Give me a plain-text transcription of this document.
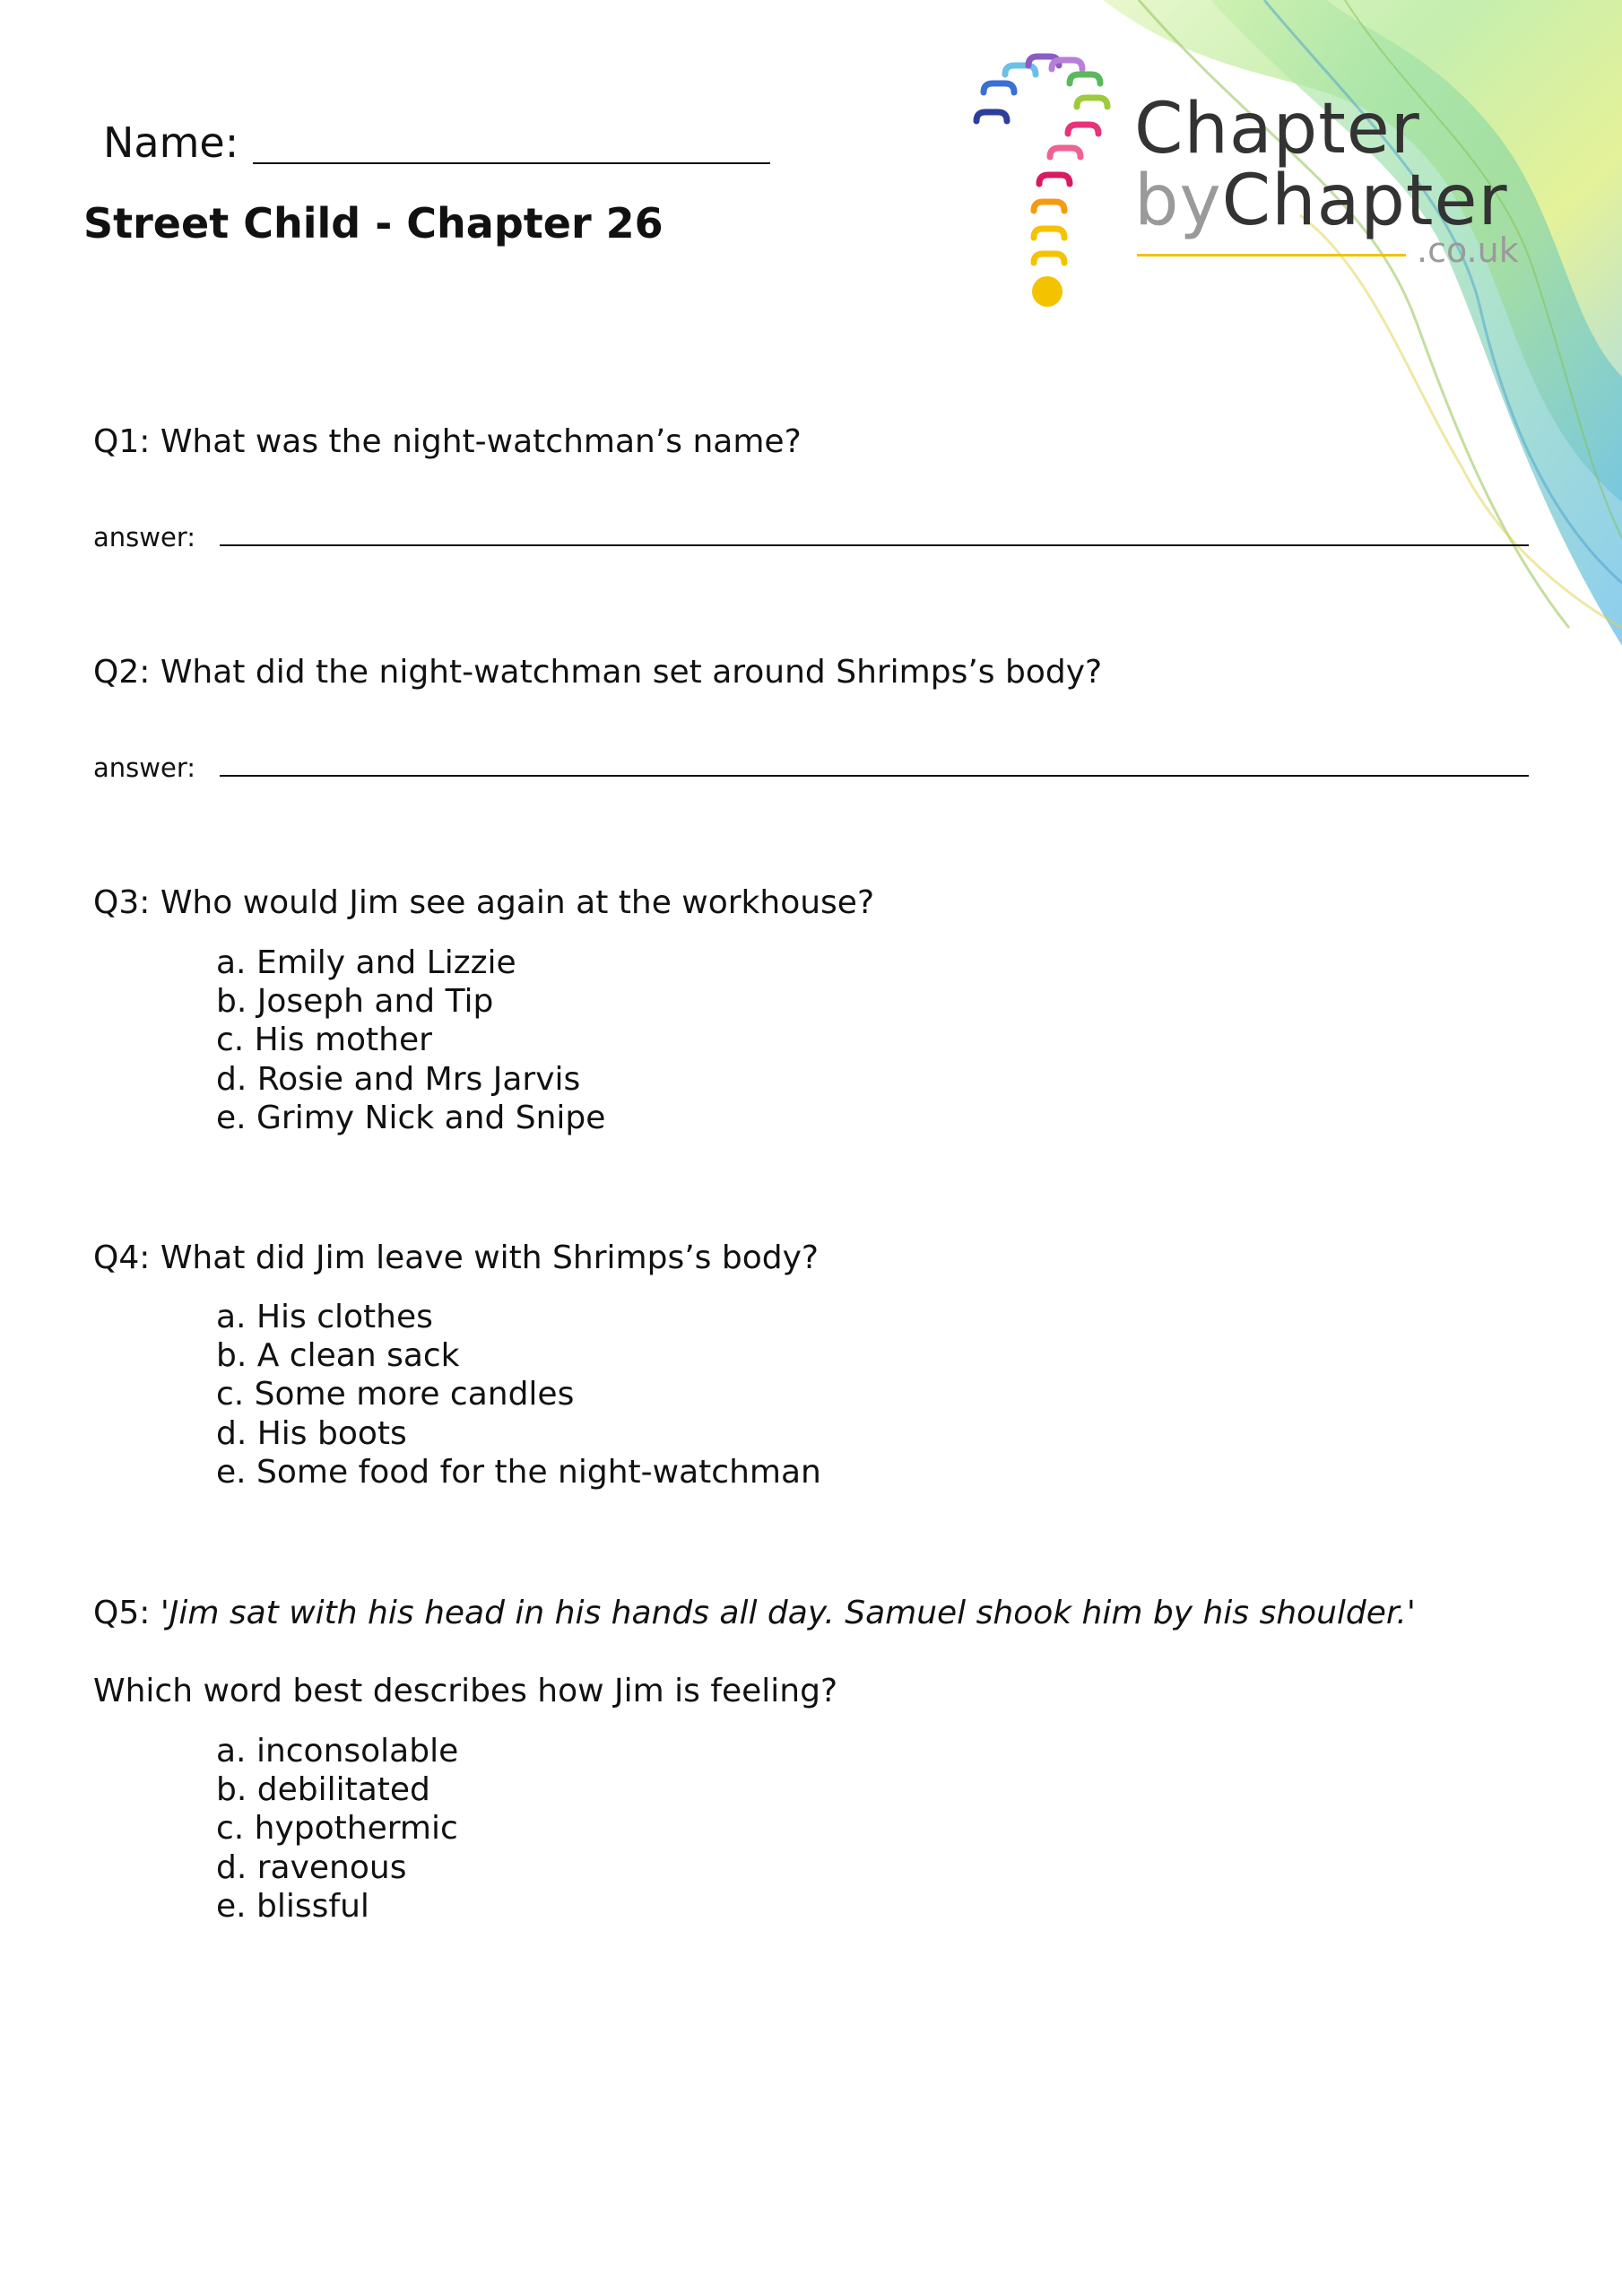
Chapter
byChapter
.co.uk
Name:
Street Child - Chapter 26
Q1: What was the night-watchman’s name?
answer:
Q2: What did the night-watchman set around Shrimps’s body?
answer:
Q3: Who would Jim see again at the workhouse?
a. Emily and Lizzie
b. Joseph and Tip
c. His mother
d. Rosie and Mrs Jarvis
e. Grimy Nick and Snipe
Q4: What did Jim leave with Shrimps’s body?
a. His clothes
b. A clean sack
c. Some more candles
d. His boots
e. Some food for the night-watchman
Q5: 'Jim sat with his head in his hands all day. Samuel shook him by his shoulder.'
Which word best describes how Jim is feeling?
a. inconsolable
b. debilitated
c. hypothermic
d. ravenous
e. blissful
